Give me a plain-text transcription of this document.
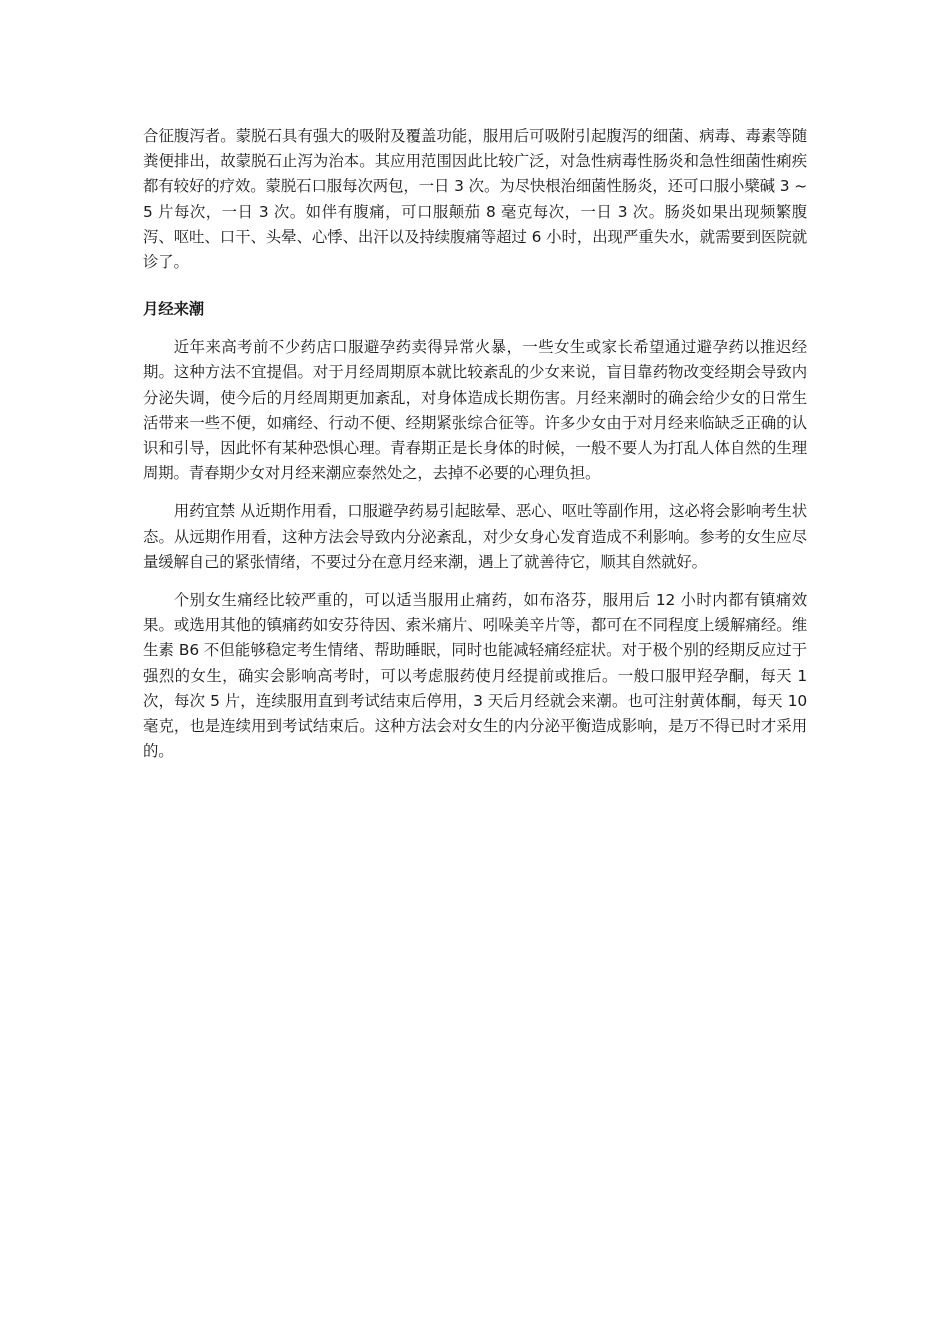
合征腹泻者。蒙脱石具有强大的吸附及覆盖功能，服用后可吸附引起腹泻的细菌、病毒、毒素等随粪便排出，故蒙脱石止泻为治本。其应用范围因此比较广泛，对急性病毒性肠炎和急性细菌性痢疾都有较好的疗效。蒙脱石口服每次两包，一日 3 次。为尽快根治细菌性肠炎，还可口服小檗碱 3 ~ 5 片每次，一日 3 次。如伴有腹痛，可口服颠茄 8 毫克每次，一日 3 次。肠炎如果出现频繁腹泻、呕吐、口干、头晕、心悸、出汗以及持续腹痛等超过 6 小时，出现严重失水，就需要到医院就诊了。

月经来潮

近年来高考前不少药店口服避孕药卖得异常火暴，一些女生或家长希望通过避孕药以推迟经期。这种方法不宜提倡。对于月经周期原本就比较紊乱的少女来说，盲目靠药物改变经期会导致内分泌失调，使今后的月经周期更加紊乱，对身体造成长期伤害。月经来潮时的确会给少女的日常生活带来一些不便，如痛经、行动不便、经期紧张综合征等。许多少女由于对月经来临缺乏正确的认识和引导，因此怀有某种恐惧心理。青春期正是长身体的时候，一般不要人为打乱人体自然的生理周期。青春期少女对月经来潮应泰然处之，去掉不必要的心理负担。

用药宜禁 从近期作用看，口服避孕药易引起眩晕、恶心、呕吐等副作用，这必将会影响考生状态。从远期作用看，这种方法会导致内分泌紊乱，对少女身心发育造成不利影响。参考的女生应尽量缓解自己的紧张情绪，不要过分在意月经来潮，遇上了就善待它，顺其自然就好。

个别女生痛经比较严重的，可以适当服用止痛药，如布洛芬，服用后 12 小时内都有镇痛效果。或选用其他的镇痛药如安芬待因、索米痛片、吲哚美辛片等，都可在不同程度上缓解痛经。维生素 B6 不但能够稳定考生情绪、帮助睡眠，同时也能减轻痛经症状。对于极个别的经期反应过于强烈的女生，确实会影响高考时，可以考虑服药使月经提前或推后。一般口服甲羟孕酮，每天 1 次，每次 5 片，连续服用直到考试结束后停用，3 天后月经就会来潮。也可注射黄体酮，每天 10 毫克，也是连续用到考试结束后。这种方法会对女生的内分泌平衡造成影响，是万不得已时才采用的。
